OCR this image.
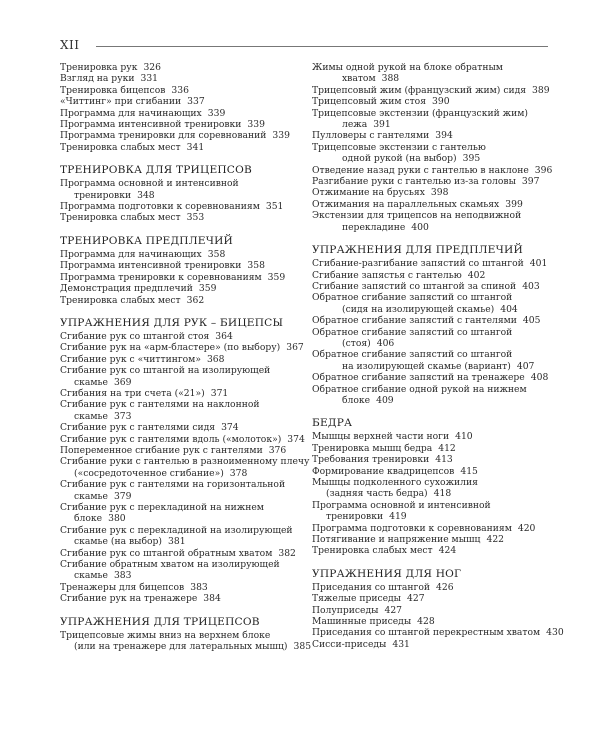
XII
Тренировка рук 326
Взгляд на руки 331
Тренировка бицепсов 336
«Читтинг» при сгибании 337
Программа для начинающих 339
Программа интенсивной тренировки 339
Программа тренировки для соревнований 339
Тренировка слабых мест 341
ТРЕНИРОВКА ДЛЯ ТРИЦЕПСОВ
Программа основной и интенсивной
тренировки 348
Программа подготовки к соревнованиям 351
Тренировка слабых мест 353
ТРЕНИРОВКА ПРЕДПЛЕЧИЙ
Программа для начинающих 358
Программа интенсивной тренировки 358
Программа тренировки к соревнованиям 359
Демонстрация предплечий 359
Тренировка слабых мест 362
УПРАЖНЕНИЯ ДЛЯ РУК – БИЦЕПСЫ
Сгибание рук со штангой стоя 364
Сгибание рук на «арм-бластере» (по выбору) 367
Сгибание рук с «читтингом» 368
Сгибание рук со штангой на изолирующей
скамье 369
Сгибания на три счета («21») 371
Сгибание рук с гантелями на наклонной
скамье 373
Сгибание рук с гантелями сидя 374
Сгибание рук с гантелями вдоль («молоток») 374
Попеременное сгибание рук с гантелями 376
Сгибание руки с гантелью в разноименному плечу
(«сосредоточенное сгибание») 378
Сгибание рук с гантелями на горизонтальной
скамье 379
Сгибание рук с перекладиной на нижнем
блоке 380
Сгибание рук с перекладиной на изолирующей
скамье (на выбор) 381
Сгибание рук со штангой обратным хватом 382
Сгибание обратным хватом на изолирующей
скамье 383
Тренажеры для бицепсов 383
Сгибание рук на тренажере 384
УПРАЖНЕНИЯ ДЛЯ ТРИЦЕПСОВ
Трицепсовые жимы вниз на верхнем блоке
(или на тренажере для латеральных мышц) 385
Жимы одной рукой на блоке обратным
хватом 388
Трицепсовый жим (французский жим) сидя 389
Трицепсовый жим стоя 390
Трицепсовые экстензии (французский жим)
лежа 391
Пулловеры с гантелями 394
Трицепсовые экстензии с гантелью
одной рукой (на выбор) 395
Отведение назад руки с гантелью в наклоне 396
Разгибание руки с гантелью из-за головы 397
Отжимание на брусьях 398
Отжимания на параллельных скамьях 399
Экстензии для трицепсов на неподвижной
перекладине 400
УПРАЖНЕНИЯ ДЛЯ ПРЕДПЛЕЧИЙ
Сгибание-разгибание запястий со штангой 401
Сгибание запястья с гантелью 402
Сгибание запястий со штангой за спиной 403
Обратное сгибание запястий со штангой
(сидя на изолирующей скамье) 404
Обратное сгибание запястий с гантелями 405
Обратное сгибание запястий со штангой
(стоя) 406
Обратное сгибание запястий со штангой
на изолирующей скамье (вариант) 407
Обратное сгибание запястий на тренажере 408
Обратное сгибание одной рукой на нижнем
блоке 409
БЕДРА
Мышцы верхней части ноги 410
Тренировка мышц бедра 412
Требования тренировки 413
Формирование квадрицепсов 415
Мышцы подколенного сухожилия
(задняя часть бедра) 418
Программа основной и интенсивной
тренировки 419
Программа подготовки к соревнованиям 420
Потягивание и напряжение мышц 422
Тренировка слабых мест 424
УПРАЖНЕНИЯ ДЛЯ НОГ
Приседания со штангой 426
Тяжелые приседы 427
Полуприседы 427
Машинные приседы 428
Приседания со штангой перекрестным хватом 430
Сисси-приседы 431
